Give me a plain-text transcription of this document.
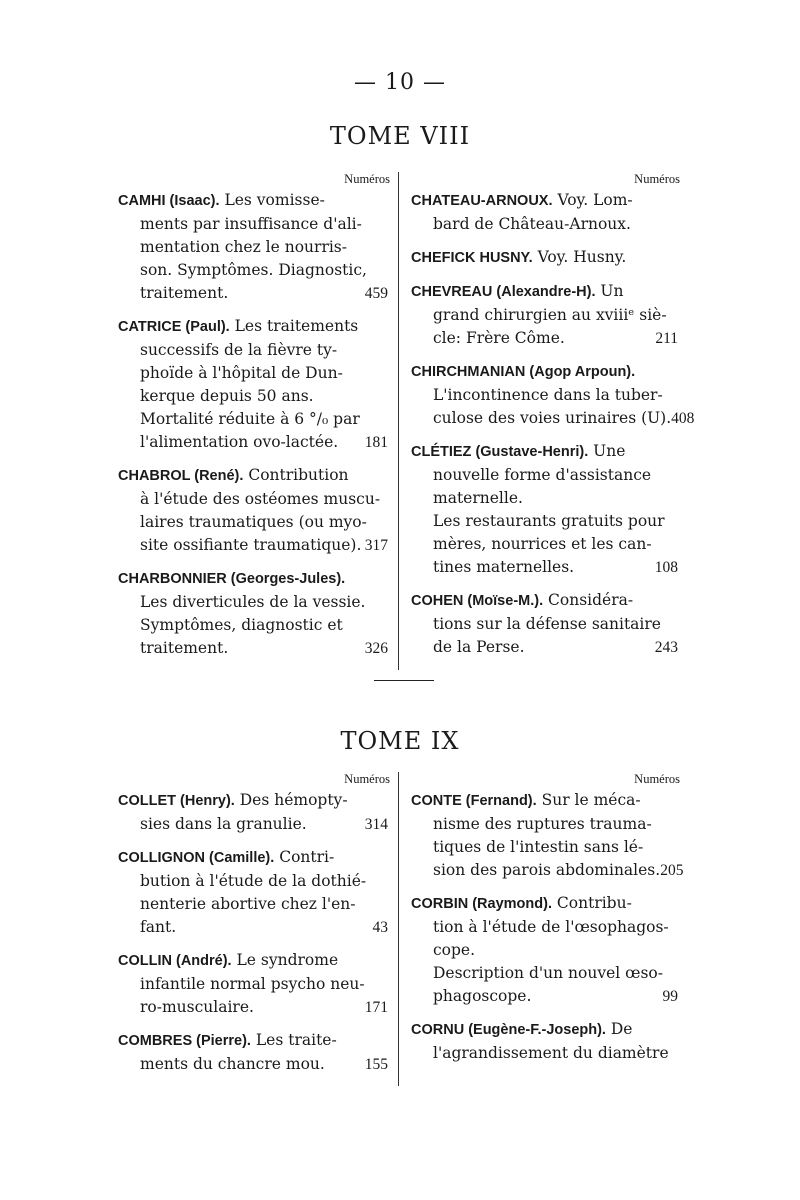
— 10 —
TOME VIII
Numéros
CAMHI (Isaac). Les vomisse-
ments par insuffisance d'ali-
mentation chez le nourris-
son. Symptômes. Diagnostic,
traitement.	459
CATRICE (Paul). Les traitements
successifs de la fièvre ty-
phoïde à l'hôpital de Dun-
kerque depuis 50 ans.
Mortalité réduite à 6 °/₀ par
l'alimentation ovo-lactée. 181
CHABROL (René). Contribution
à l'étude des ostéomes muscu-
laires traumatiques (ou myo-
site ossifiante traumatique). 317
CHARBONNIER (Georges-Jules).
Les diverticules de la vessie.
Symptômes, diagnostic et
traitement.	326
Numéros
CHATEAU-ARNOUX. Voy. Lom-
bard de Château-Arnoux.
CHEFICK HUSNY. Voy. Husny.
CHEVREAU (Alexandre-H). Un
grand chirurgien au xviiiᵉ siè-
cle: Frère Côme.	211
CHIRCHMANIAN (Agop Arpoun).
L'incontinence dans la tuber-
culose des voies urinaires (U). 408
CLÉTIEZ (Gustave-Henri). Une
nouvelle forme d'assistance
maternelle.
Les restaurants gratuits pour
mères, nourrices et les can-
tines maternelles.	108
COHEN (Moïse-M.). Considéra-
tions sur la défense sanitaire
de la Perse.	243
TOME IX
Numéros
COLLET (Henry). Des hémopty-
sies dans la granulie.	314
COLLIGNON (Camille). Contri-
bution à l'étude de la dothié-
nenterie abortive chez l'en-
fant.	43
COLLIN (André). Le syndrome
infantile normal psycho neu-
ro-musculaire.	171
COMBRES (Pierre). Les traite-
ments du chancre mou.	155
Numéros
CONTE (Fernand). Sur le méca-
nisme des ruptures trauma-
tiques de l'intestin sans lé-
sion des parois abdominales. 205
CORBIN (Raymond). Contribu-
tion à l'étude de l'œsophagos-
cope.
Description d'un nouvel œso-
phagoscope.	99
CORNU (Eugène-F.-Joseph). De
l'agrandissement du diamètre
